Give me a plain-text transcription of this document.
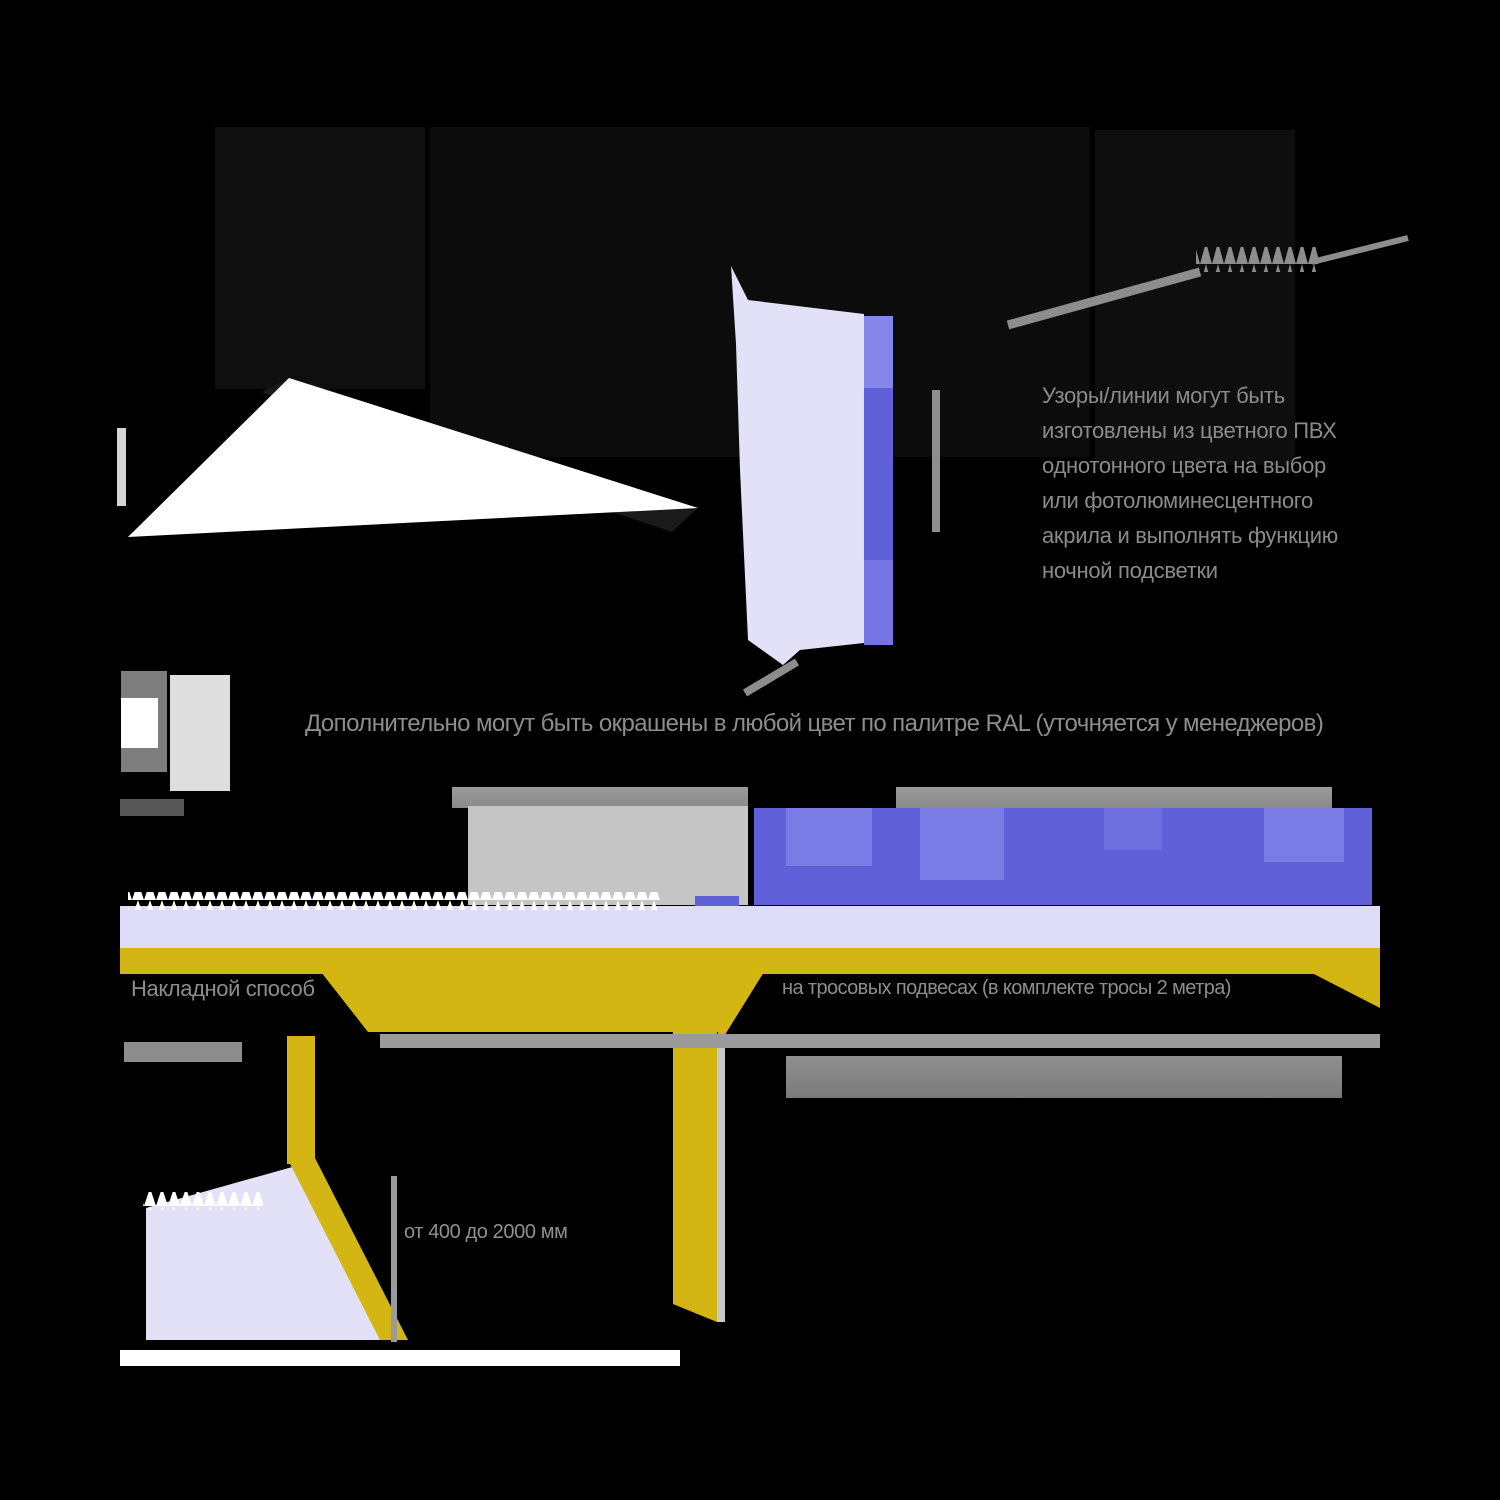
Узоры/линии могут быть
изготовлены из цветного ПВХ
однотонного цвета на выбор
или фотолюминесцентного
акрила и выполнять функцию
ночной подсветки
Дополнительно могут быть окрашены в любой цвет по палитре RAL (уточняется у менеджеров)
Накладной способ	на тросовых подвесах (в комплекте тросы 2 метра)
от 400 до 2000 мм
